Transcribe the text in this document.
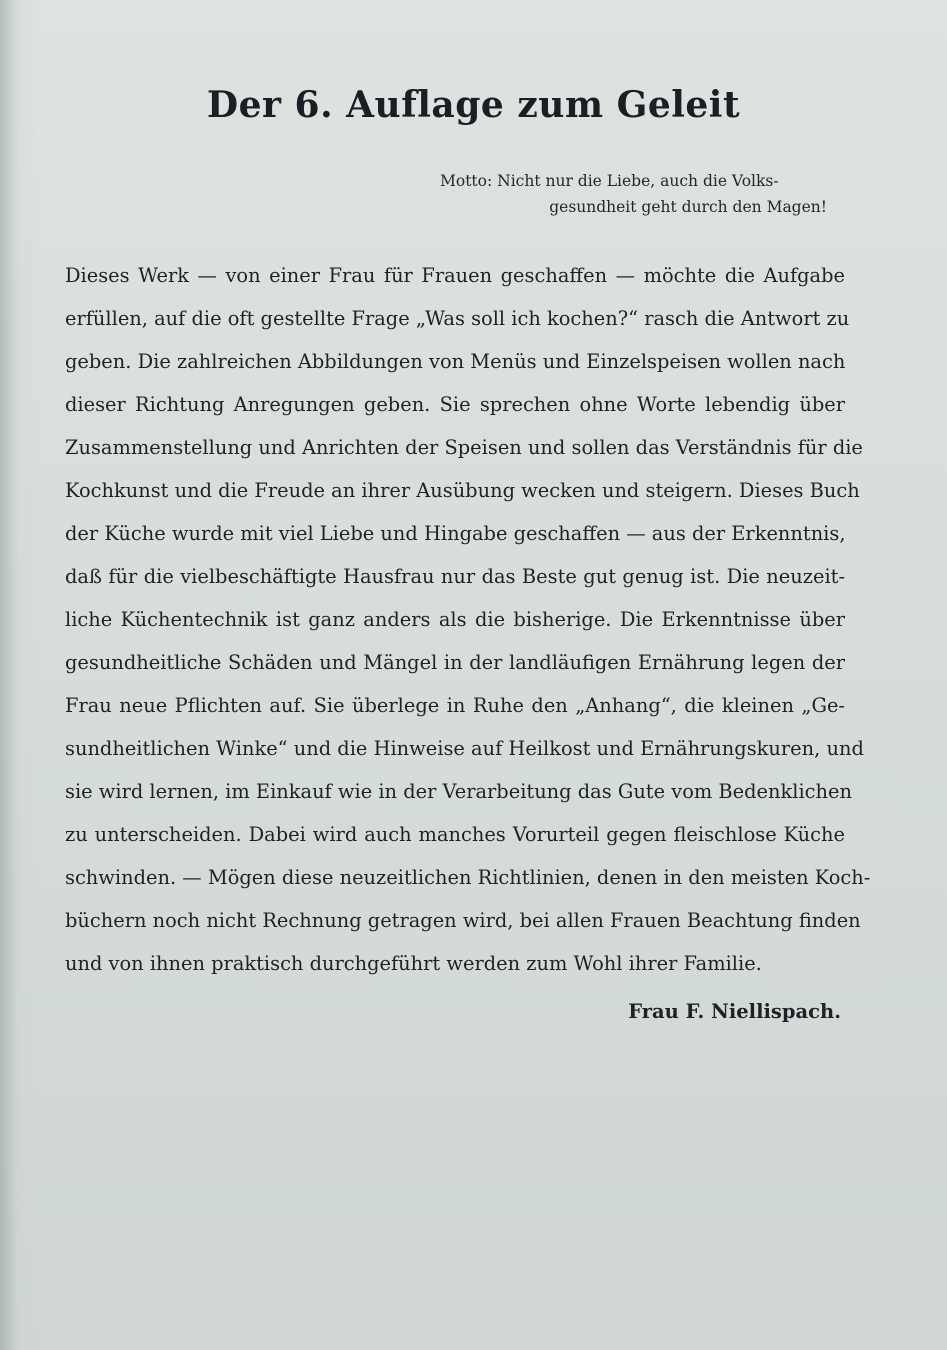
Der 6. Auflage zum Geleit

Motto: Nicht nur die Liebe, auch die Volks-
gesundheit geht durch den Magen!

Dieses Werk — von einer Frau für Frauen geschaffen — möchte die Aufgabe
erfüllen, auf die oft gestellte Frage „Was soll ich kochen?“ rasch die Antwort zu
geben. Die zahlreichen Abbildungen von Menüs und Einzelspeisen wollen nach
dieser Richtung Anregungen geben. Sie sprechen ohne Worte lebendig über
Zusammenstellung und Anrichten der Speisen und sollen das Verständnis für die
Kochkunst und die Freude an ihrer Ausübung wecken und steigern. Dieses Buch
der Küche wurde mit viel Liebe und Hingabe geschaffen — aus der Erkenntnis,
daß für die vielbeschäftigte Hausfrau nur das Beste gut genug ist. Die neuzeit-
liche Küchentechnik ist ganz anders als die bisherige. Die Erkenntnisse über
gesundheitliche Schäden und Mängel in der landläufigen Ernährung legen der
Frau neue Pflichten auf. Sie überlege in Ruhe den „Anhang“, die kleinen „Ge-
sundheitlichen Winke“ und die Hinweise auf Heilkost und Ernährungskuren, und
sie wird lernen, im Einkauf wie in der Verarbeitung das Gute vom Bedenklichen
zu unterscheiden. Dabei wird auch manches Vorurteil gegen fleischlose Küche
schwinden. — Mögen diese neuzeitlichen Richtlinien, denen in den meisten Koch-
büchern noch nicht Rechnung getragen wird, bei allen Frauen Beachtung finden
und von ihnen praktisch durchgeführt werden zum Wohl ihrer Familie.

Frau F. Niellispach.
